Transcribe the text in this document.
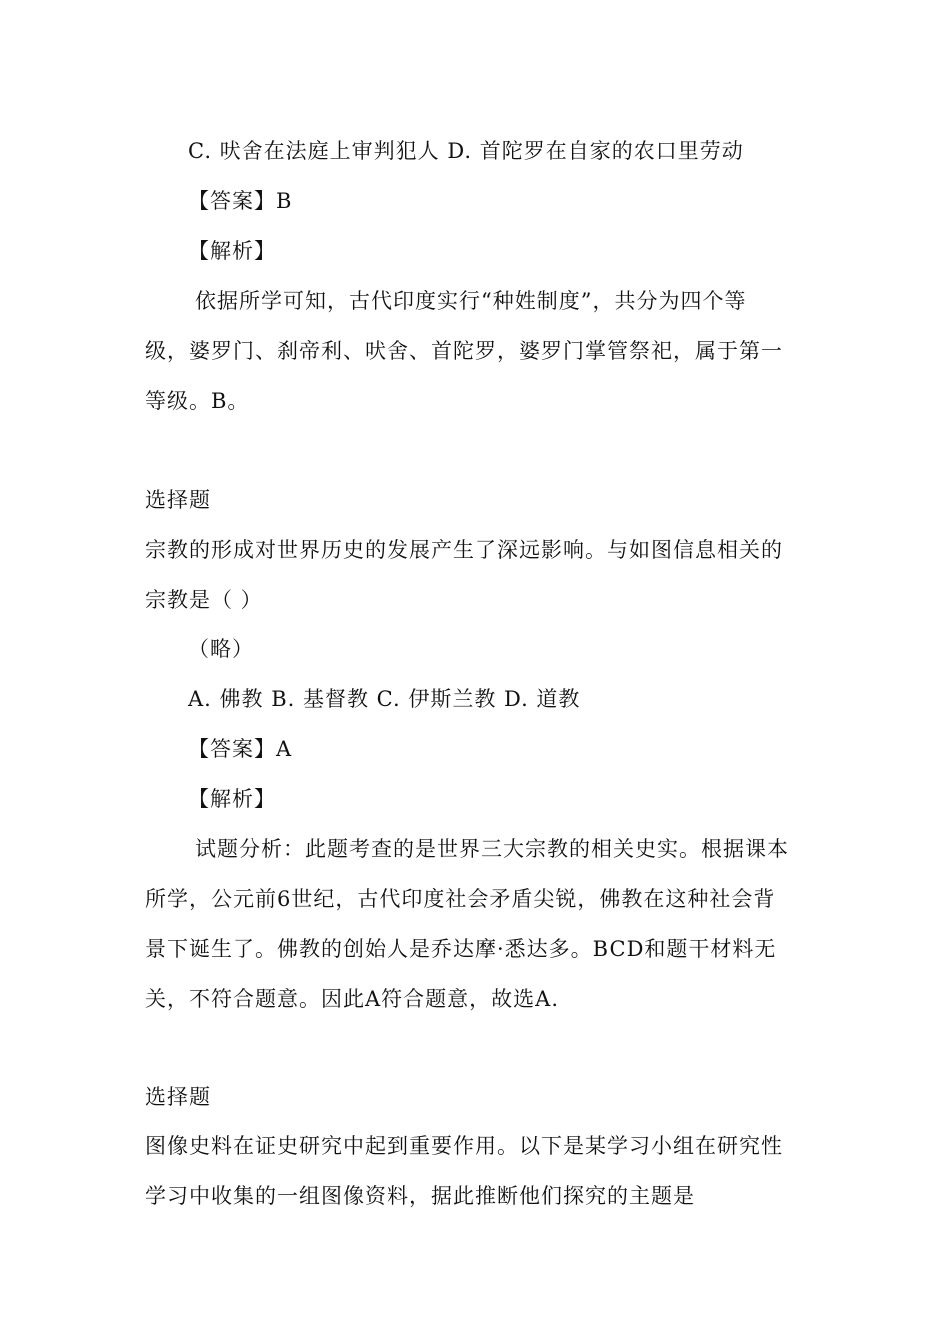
C. 吠舍在法庭上审判犯人 D. 首陀罗在自家的农口里劳动
【答案】B
【解析】
依据所学可知，古代印度实行“种姓制度”，共分为四个等
级，婆罗门、刹帝利、吠舍、首陀罗，婆罗门掌管祭祀，属于第一
等级。B。
选择题
宗教的形成对世界历史的发展产生了深远影响。与如图信息相关的
宗教是（ ）
（略）
A. 佛教 B. 基督教 C. 伊斯兰教 D. 道教
【答案】A
【解析】
试题分析：此题考查的是世界三大宗教的相关史实。根据课本
所学，公元前6世纪，古代印度社会矛盾尖锐，佛教在这种社会背
景下诞生了。佛教的创始人是乔达摩·悉达多。BCD和题干材料无
关，不符合题意。因此A符合题意，故选A.
选择题
图像史料在证史研究中起到重要作用。以下是某学习小组在研究性
学习中收集的一组图像资料，据此推断他们探究的主题是
